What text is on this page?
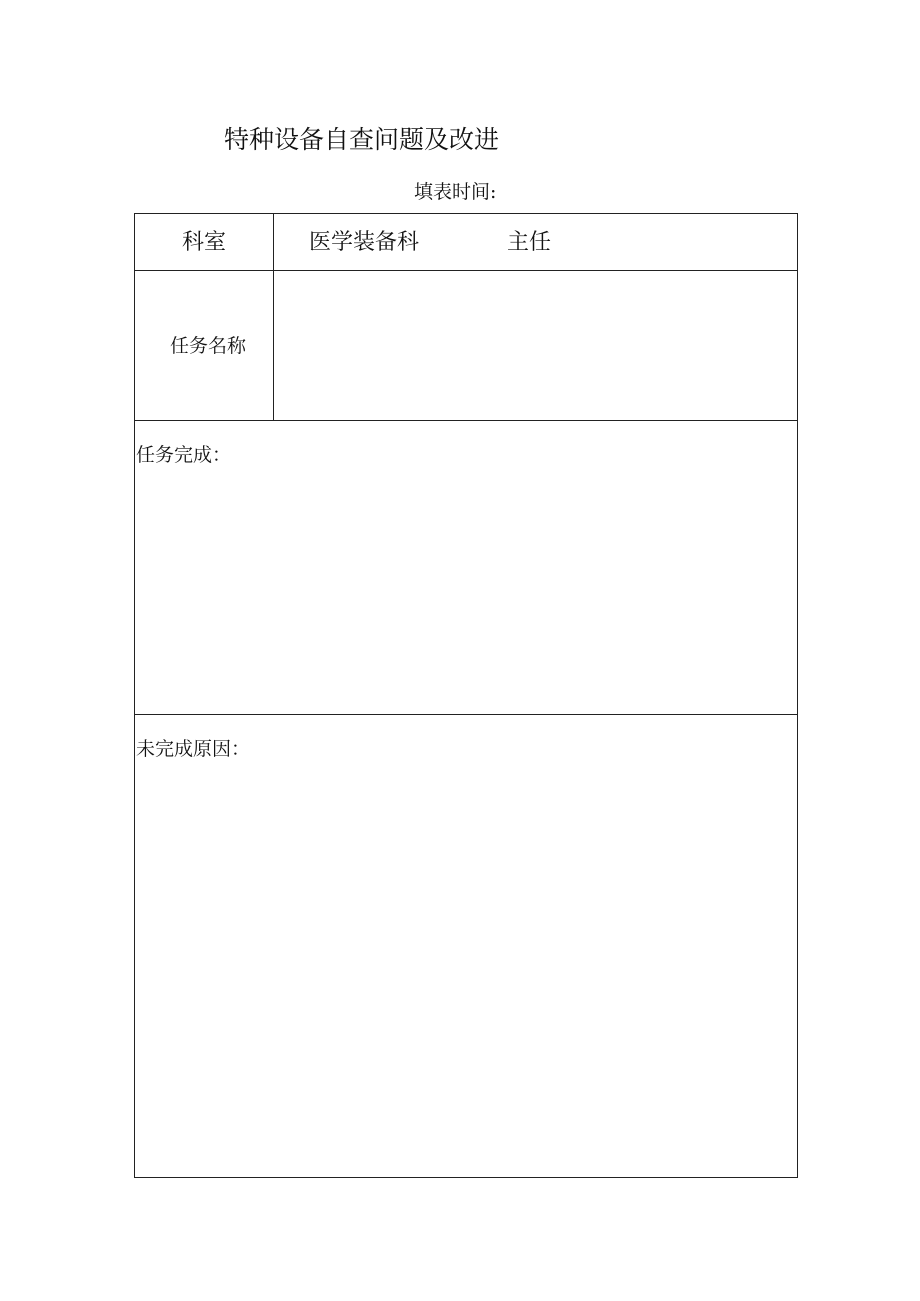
特种设备自查问题及改进
填表时间:
科室	医学装备科	主任
任务名称
任务完成：
未完成原因：
